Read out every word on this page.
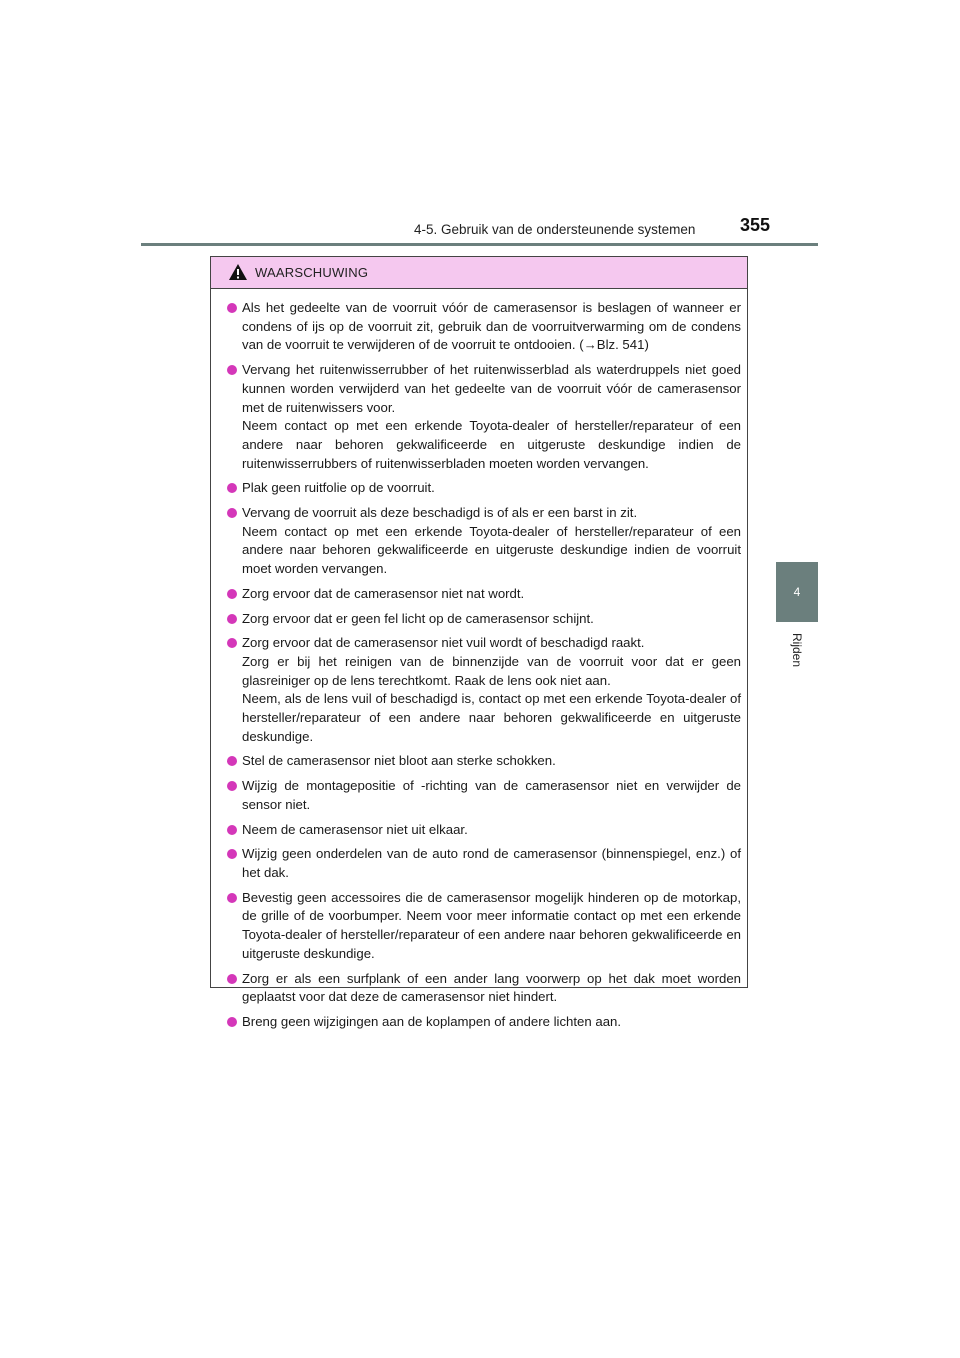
4-5. Gebruik van de ondersteunende systemen 355
4
Rijden
WAARSCHUWING
Als het gedeelte van de voorruit vóór de camerasensor is beslagen of wanneer er condens of ijs op de voorruit zit, gebruik dan de voorruitverwarming om de condens van de voorruit te verwijderen of de voorruit te ontdooien. (→Blz. 541)
Vervang het ruitenwisserrubber of het ruitenwisserblad als waterdruppels niet goed kunnen worden verwijderd van het gedeelte van de voorruit vóór de camerasensor met de ruitenwissers voor.
Neem contact op met een erkende Toyota-dealer of hersteller/reparateur of een andere naar behoren gekwalificeerde en uitgeruste deskundige indien de ruitenwisserrubbers of ruitenwisserbladen moeten worden vervangen.
Plak geen ruitfolie op de voorruit.
Vervang de voorruit als deze beschadigd is of als er een barst in zit.
Neem contact op met een erkende Toyota-dealer of hersteller/reparateur of een andere naar behoren gekwalificeerde en uitgeruste deskundige indien de voorruit moet worden vervangen.
Zorg ervoor dat de camerasensor niet nat wordt.
Zorg ervoor dat er geen fel licht op de camerasensor schijnt.
Zorg ervoor dat de camerasensor niet vuil wordt of beschadigd raakt.
Zorg er bij het reinigen van de binnenzijde van de voorruit voor dat er geen glasreiniger op de lens terechtkomt. Raak de lens ook niet aan.
Neem, als de lens vuil of beschadigd is, contact op met een erkende Toyota-dealer of hersteller/reparateur of een andere naar behoren gekwalificeerde en uitgeruste deskundige.
Stel de camerasensor niet bloot aan sterke schokken.
Wijzig de montagepositie of -richting van de camerasensor niet en verwijder de sensor niet.
Neem de camerasensor niet uit elkaar.
Wijzig geen onderdelen van de auto rond de camerasensor (binnenspiegel, enz.) of het dak.
Bevestig geen accessoires die de camerasensor mogelijk hinderen op de motorkap, de grille of de voorbumper. Neem voor meer informatie contact op met een erkende Toyota-dealer of hersteller/reparateur of een andere naar behoren gekwalificeerde en uitgeruste deskundige.
Zorg er als een surfplank of een ander lang voorwerp op het dak moet worden geplaatst voor dat deze de camerasensor niet hindert.
Breng geen wijzigingen aan de koplampen of andere lichten aan.
